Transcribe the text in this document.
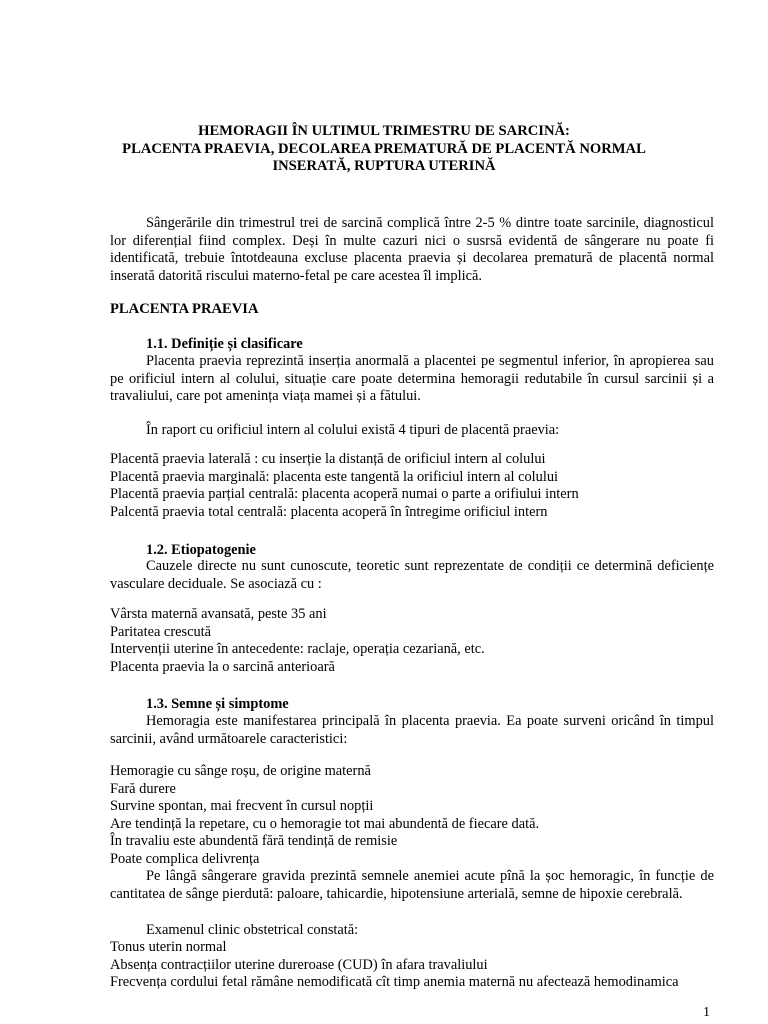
HEMORAGII ÎN ULTIMUL TRIMESTRU DE SARCINĂ:
PLACENTA PRAEVIA, DECOLAREA PREMATURĂ DE PLACENTĂ NORMAL
INSERATĂ, RUPTURA UTERINĂ
Sângerările din trimestrul trei de sarcină complică între 2-5 % dintre toate sarcinile, diagnosticul lor diferențial fiind complex. Deși în multe cazuri nici o susrsă evidentă de sângerare nu poate fi identificată, trebuie întotdeauna excluse placenta praevia și decolarea prematură de placentă normal inserată datorită riscului materno-fetal pe care acestea îl implică.
PLACENTA PRAEVIA
1.1. Definiție și clasificare
Placenta praevia reprezintă inserția anormală a placentei pe segmentul inferior, în apropierea sau pe orificiul intern al colului, situație care poate determina hemoragii redutabile în cursul sarcinii și a travaliului, care pot amenința viața mamei și a fătului.
În raport cu orificiul intern al colului există 4 tipuri de placentă praevia:
Placentă praevia laterală : cu inserție la distanță de orificiul intern al colului
Placentă praevia marginală: placenta este tangentă la orificiul intern al colului
Placentă praevia parțial centrală: placenta acoperă numai o parte a orifiului intern
Palcentă praevia total centrală: placenta acoperă în întregime orificiul intern
1.2. Etiopatogenie
Cauzele directe nu sunt cunoscute, teoretic sunt reprezentate de condiții ce determină deficiențe vasculare deciduale. Se asociază cu :
Vârsta maternă avansată, peste 35 ani
Paritatea crescută
Intervenții uterine în antecedente: raclaje, operația cezariană, etc.
Placenta praevia la o sarcină anterioară
1.3. Semne și simptome
Hemoragia este manifestarea principală în placenta praevia. Ea poate surveni oricând în timpul sarcinii, având următoarele caracteristici:
Hemoragie cu sânge roșu, de origine maternă
Fară durere
Survine spontan, mai frecvent în cursul nopții
Are tendință la repetare, cu o hemoragie tot mai abundentă de fiecare dată.
În travaliu este abundentă fără tendință de remisie
Poate complica delivrența
Pe lângă sângerare gravida prezintă semnele anemiei acute pînă la șoc hemoragic, în funcție de cantitatea de sânge pierdută: paloare, tahicardie, hipotensiune arterială, semne de hipoxie cerebrală.
Examenul clinic obstetrical constată:
Tonus uterin normal
Absența contracțiilor uterine dureroase (CUD) în afara travaliului
Frecvența cordului fetal rămâne nemodificată cît timp anemia maternă nu afectează hemodinamica
1
